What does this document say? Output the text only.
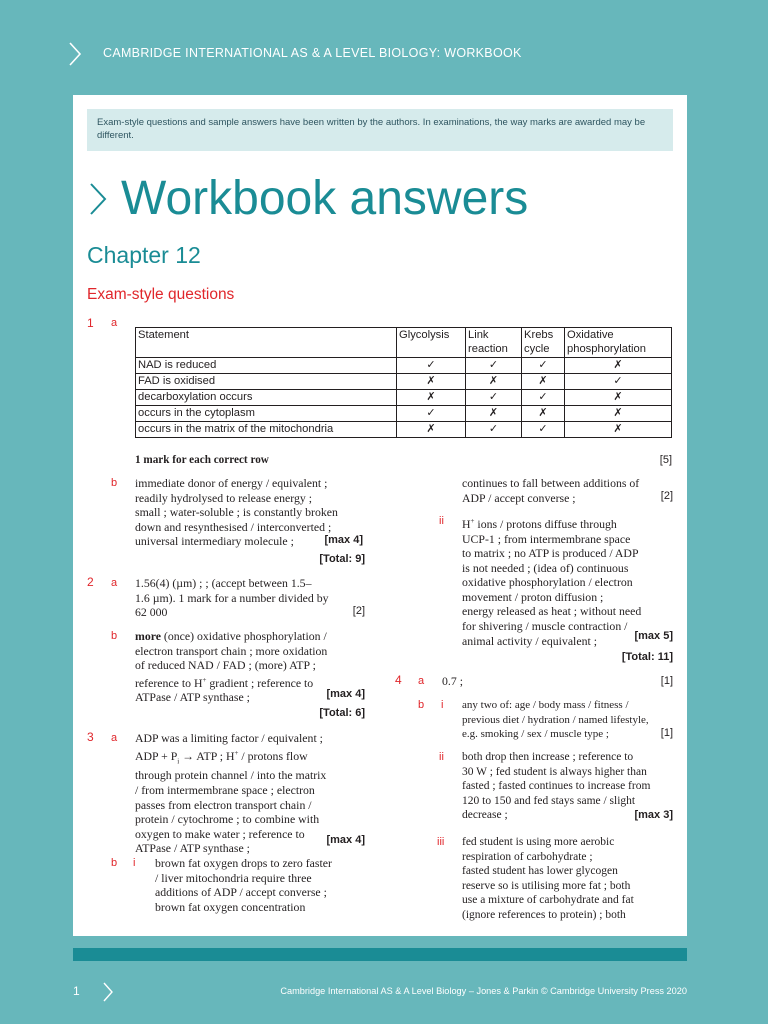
CAMBRIDGE INTERNATIONAL AS & A LEVEL BIOLOGY: WORKBOOK
Exam-style questions and sample answers have been written by the authors. In examinations, the way marks are awarded may be different.
Workbook answers
Chapter 12
Exam-style questions
1 a
Statement	Glycolysis	Link reaction	Krebs cycle	Oxidative phosphorylation
NAD is reduced	✓	✓	✓	✗
FAD is oxidised	✗	✗	✗	✓
decarboxylation occurs	✗	✓	✓	✗
occurs in the cytoplasm	✓	✗	✗	✗
occurs in the matrix of the mitochondria	✗	✓	✓	✗
1 mark for each correct row	[5]
b immediate donor of energy / equivalent ;
readily hydrolysed to release energy ;
small ; water-soluble ; is constantly broken
down and resynthesised / interconverted ;
universal intermediary molecule ;	[max 4]
[Total: 9]
2 a 1.56(4) (µm) ; ; (accept between 1.5–
1.6 µm). 1 mark for a number divided by
62 000	[2]
b more (once) oxidative phosphorylation /
electron transport chain ; more oxidation
of reduced NAD / FAD ; (more) ATP ;
reference to H+ gradient ; reference to
ATPase / ATP synthase ;	[max 4]
[Total: 6]
3 a ADP was a limiting factor / equivalent ;
ADP + $P_i$ → ATP ; H+ / protons flow
through protein channel / into the matrix
/ from intermembrane space ; electron
passes from electron transport chain /
protein / cytochrome ; to combine with
oxygen to make water ; reference to
ATPase / ATP synthase ;
[max 4]
b i brown fat oxygen drops to zero faster
/ liver mitochondria require three
additions of ADP / accept converse ;
brown fat oxygen concentration
continues to fall between additions of
ADP / accept converse ;	[2]
ii H+ ions / protons diffuse through
UCP-1 ; from intermembrane space
to matrix ; no ATP is produced / ADP
is not needed ; (idea of) continuous
oxidative phosphorylation / electron
movement / proton diffusion ;
energy released as heat ; without need
for shivering / muscle contraction /
animal activity / equivalent ;	[max 5]
[Total: 11]
4 a 0.7 ;	[1]
b i any two of: age / body mass / fitness /
previous diet / hydration / named lifestyle,
e.g. smoking / sex / muscle type ;	[1]
ii both drop then increase ; reference to
30 W ; fed student is always higher than
fasted ; fasted continues to increase from
120 to 150 and fed stays same / slight
decrease ;	[max 3]
iii fed student is using more aerobic
respiration of carbohydrate ;
fasted student has lower glycogen
reserve so is utilising more fat ; both
use a mixture of carbohydrate and fat
(ignore references to protein) ; both
1	Cambridge International AS & A Level Biology – Jones & Parkin © Cambridge University Press 2020
